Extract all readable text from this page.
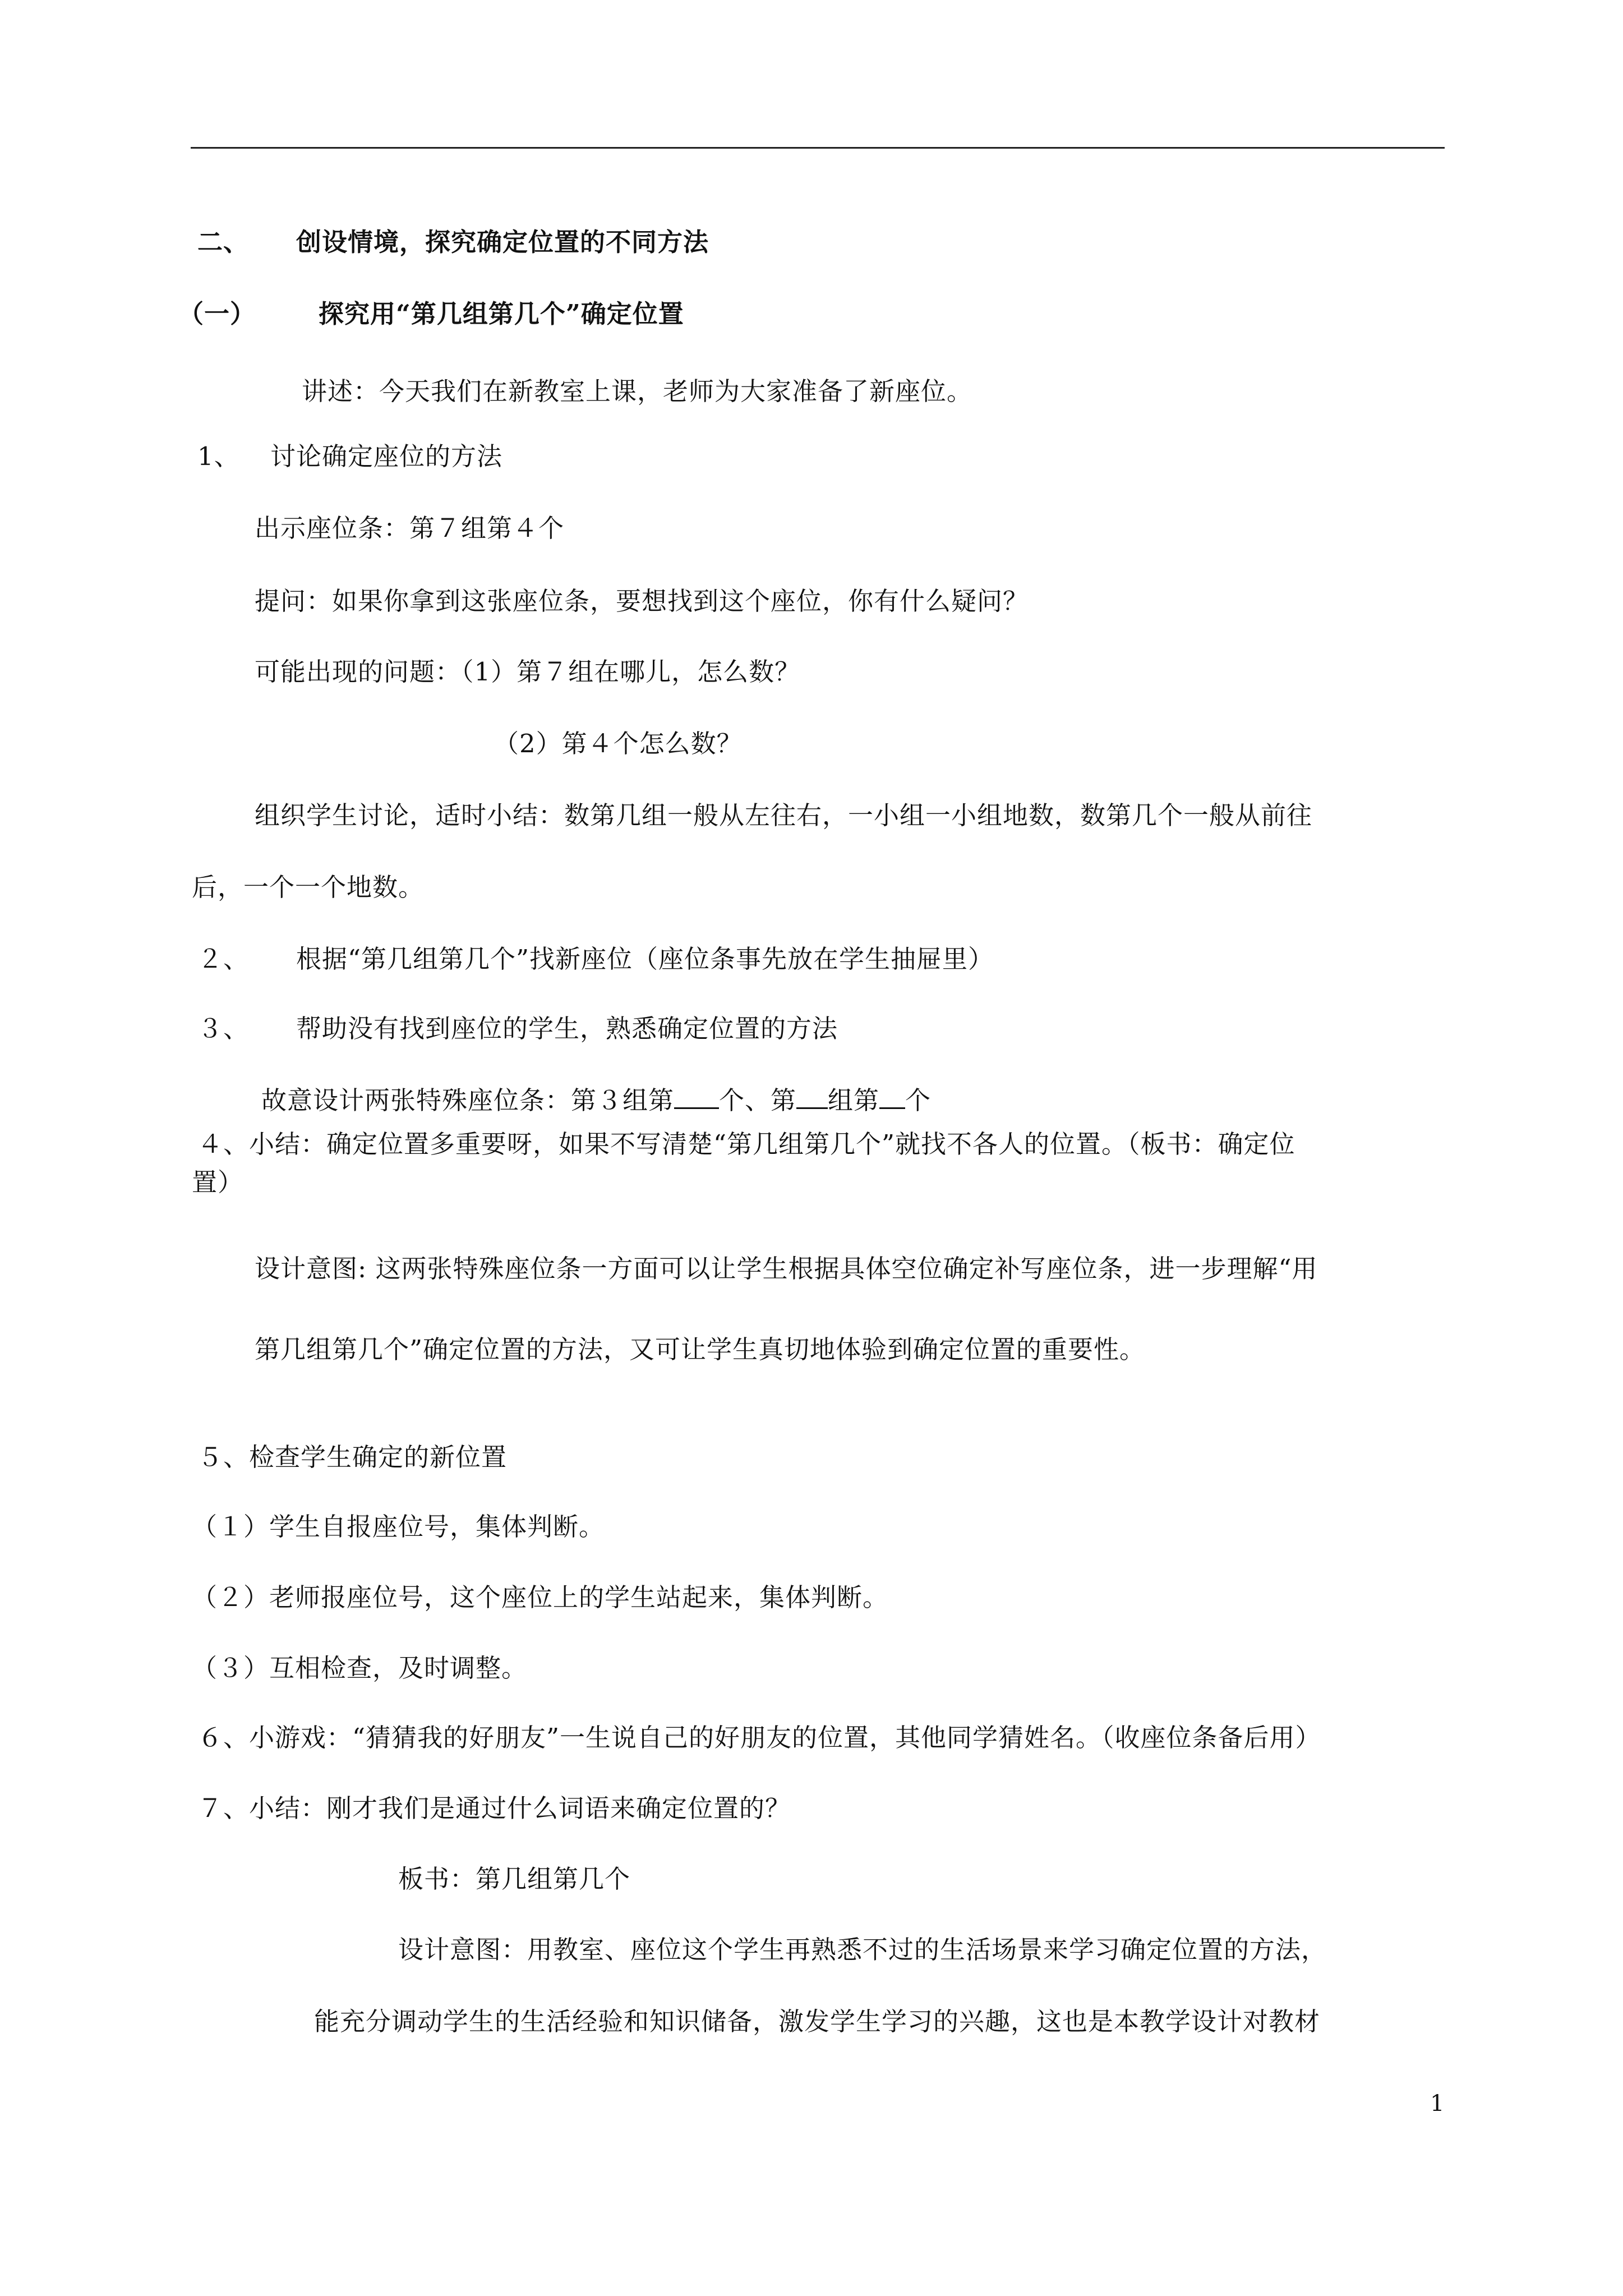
二、 创设情境，探究确定位置的不同方法
（一） 探究用“第几组第几个”确定位置
讲述：今天我们在新教室上课，老师为大家准备了新座位。
1、 讨论确定座位的方法
出示座位条：第７组第４个
提问：如果你拿到这张座位条，要想找到这个座位，你有什么疑问？
可能出现的问题：（1）第７组在哪儿，怎么数？
（2）第４个怎么数？
组织学生讨论，适时小结：数第几组一般从左往右，一小组一小组地数，数第几个一般从前往
后，一个一个地数。
２、 根据“第几组第几个”找新座位（座位条事先放在学生抽屉里）
３、 帮助没有找到座位的学生，熟悉确定位置的方法
故意设计两张特殊座位条：第３组第 个、第 组第 个
４、小结：确定位置多重要呀，如果不写清楚“第几组第几个”就找不各人的位置。（板书：确定位
置）
设计意图: 这两张特殊座位条一方面可以让学生根据具体空位确定补写座位条，进一步理解“用
第几组第几个”确定位置的方法，又可让学生真切地体验到确定位置的重要性。
５、检查学生确定的新位置
（１）学生自报座位号，集体判断。
（２）老师报座位号，这个座位上的学生站起来，集体判断。
（３）互相检查，及时调整。
６、小游戏：“猜猜我的好朋友”一生说自己的好朋友的位置，其他同学猜姓名。（收座位条备后用）
７、小结：刚才我们是通过什么词语来确定位置的？
板书：第几组第几个
设计意图：用教室、座位这个学生再熟悉不过的生活场景来学习确定位置的方法，
能充分调动学生的生活经验和知识储备，激发学生学习的兴趣，这也是本教学设计对教材
1
